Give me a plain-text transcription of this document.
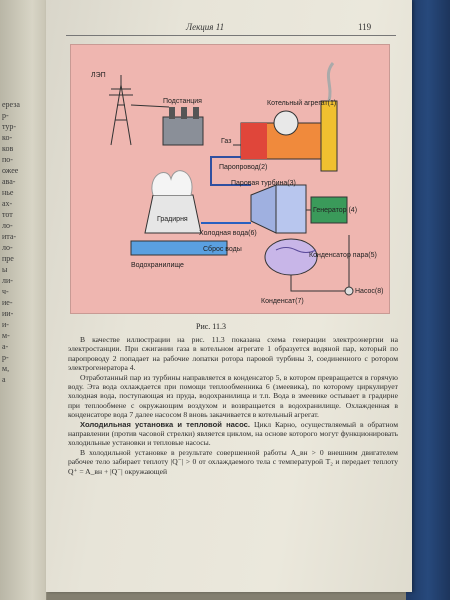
ереза
р-
тур-
ко-
ков
по-
ожее
ава-
нье
ах-
тот
ло-
ита-
ло-
пре
ы
ли-
ч-
ие-
ии-
и-
м-
а-
р-
м,
а
Лекция 11	119
ЛЭП
Подстанция	Котельный агрегат(1)
Газ
Паропровод(2)
Паровая турбина(3)
Генератор (4)
Конденсатор пара(5)
Градирня
Холодная вода(6)
Водохранилище
Сброс воды
Конденсат(7)
Насос(8)
Рис. 11.3

В качестве иллюстрации на рис. 11.3 показана схема генерации электроэнергии на электростанции. При сжигании газа в котельном агрегате 1 образуется водяной пар, который по паропроводу 2 попадает на рабочие лопатки ротора паровой турбины 3, соединенного с ротором электрогенератора 4.

Отработанный пар из турбины направляется в конденсатор 5, в котором превращается в горячую воду. Эта вода охлаждается при помощи теплообменника 6 (змеевика), по которому циркулирует холодная вода, поступающая из пруда, водохранилища и т.п. Вода в змеевике остывает в градирне при теплообмене с окружающим воздухом и возвращается в водохранилище. Охлажденная в конденсаторе вода 7 далее насосом 8 вновь закачивается в котельный агрегат.

Холодильная установка и тепловой насос. Цикл Карно, осуществляемый в обратном направлении (против часовой стрелки) является циклом, на основе которого могут функционировать холодильные установки и тепловые насосы.

В холодильной установке в результате совершенной работы A_вн > 0 внешним двигателем рабочее тело забирает теплоту |Q⁻| > 0 от охлаждаемого тела с температурой T₂ и передает теплоту Q⁺ = A_вн + |Q⁻| окружающей
